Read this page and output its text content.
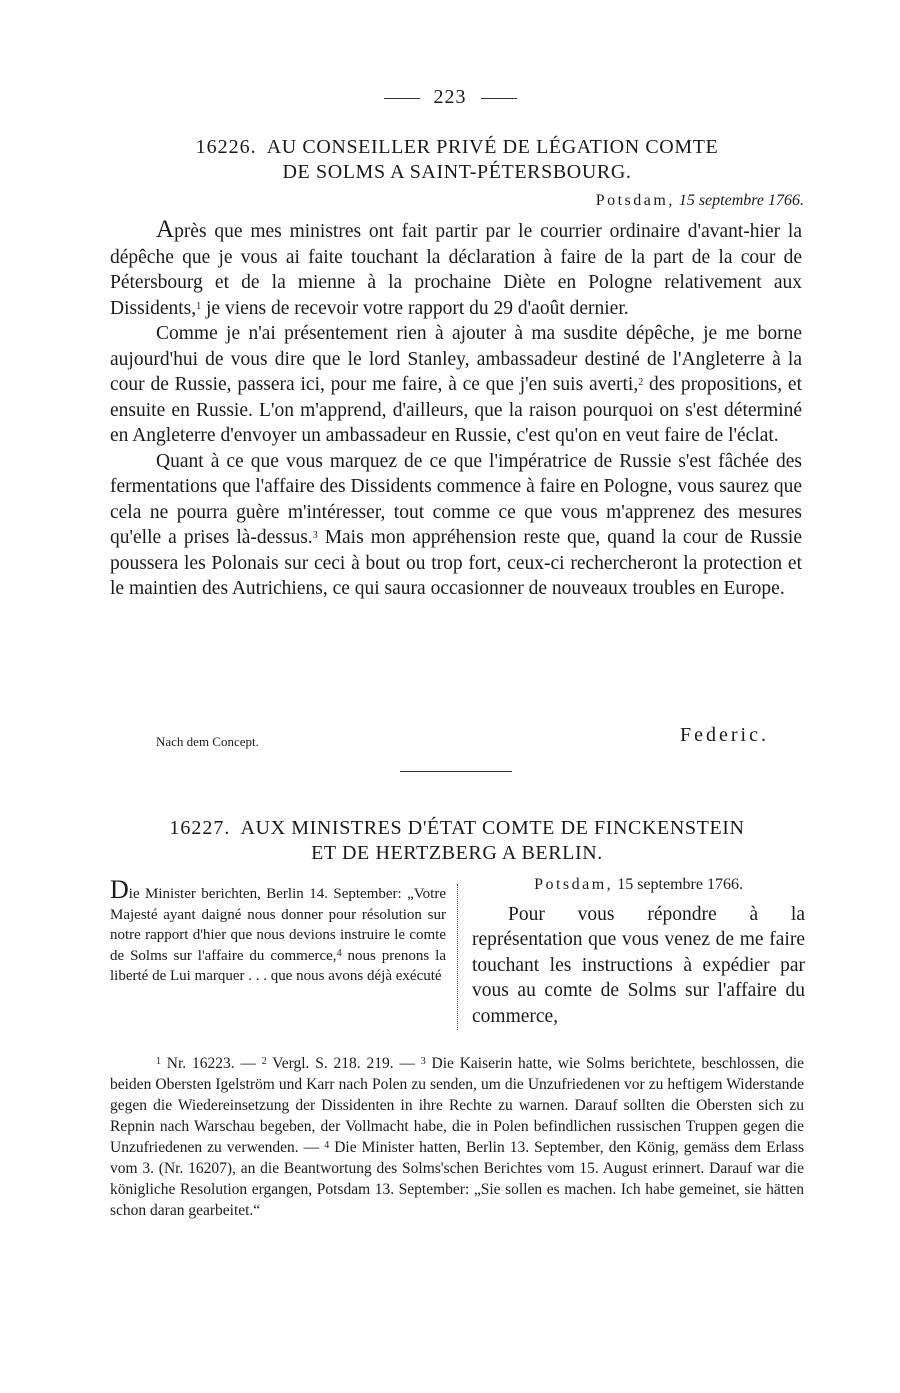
223
16226. AU CONSEILLER PRIVÉ DE LÉGATION COMTE
DE SOLMS A SAINT-PÉTERSBOURG.
Potsdam, 15 septembre 1766.

Après que mes ministres ont fait partir par le courrier ordinaire d'avant-hier la dépêche que je vous ai faite touchant la déclaration à faire de la part de la cour de Pétersbourg et de la mienne à la prochaine Diète en Pologne relativement aux Dissidents,$^1$ je viens de recevoir votre rapport du 29 d'août dernier.

Comme je n'ai présentement rien à ajouter à ma susdite dépêche, je me borne aujourd'hui de vous dire que le lord Stanley, ambassadeur destiné de l'Angleterre à la cour de Russie, passera ici, pour me faire, à ce que j'en suis averti,$^2$ des propositions, et ensuite en Russie. L'on m'apprend, d'ailleurs, que la raison pourquoi on s'est déterminé en Angleterre d'envoyer un ambassadeur en Russie, c'est qu'on en veut faire de l'éclat.

Quant à ce que vous marquez de ce que l'impératrice de Russie s'est fâchée des fermentations que l'affaire des Dissidents commence à faire en Pologne, vous saurez que cela ne pourra guère m'intéresser, tout comme ce que vous m'apprenez des mesures qu'elle a prises là-dessus.$^3$ Mais mon appréhension reste que, quand la cour de Russie poussera les Polonais sur ceci à bout ou trop fort, ceux-ci rechercheront la protection et le maintien des Autrichiens, ce qui saura occasionner de nouveaux troubles en Europe.

Nach dem Concept.	Federic.
16227. AUX MINISTRES D'ÉTAT COMTE DE FINCKENSTEIN
ET DE HERTZBERG A BERLIN.
Die Minister berichten, Berlin 14. September: „Votre Majesté ayant daigné nous donner pour résolution sur notre rapport d'hier que nous devions instruire le comte de Solms sur l'affaire du commerce,$^4$ nous prenons la liberté de Lui marquer . . . que nous avons déjà exécuté
Potsdam, 15 septembre 1766.

Pour vous répondre à la représentation que vous venez de me faire touchant les instructions à expédier par vous au comte de Solms sur l'affaire du commerce,

$^1$ Nr. 16223. — $^2$ Vergl. S. 218. 219. — $^3$ Die Kaiserin hatte, wie Solms berichtete, beschlossen, die beiden Obersten Igelström und Karr nach Polen zu senden, um die Unzufriedenen vor zu heftigem Widerstande gegen die Wiedereinsetzung der Dissidenten in ihre Rechte zu warnen. Darauf sollten die Obersten sich zu Repnin nach Warschau begeben, der Vollmacht habe, die in Polen befindlichen russischen Truppen gegen die Unzufriedenen zu verwenden. — $^4$ Die Minister hatten, Berlin 13. September, den König, gemäss dem Erlass vom 3. (Nr. 16207), an die Beantwortung des Solms'schen Berichtes vom 15. August erinnert. Darauf war die königliche Resolution ergangen, Potsdam 13. September: „Sie sollen es machen. Ich habe gemeinet, sie hätten schon daran gearbeitet.“
